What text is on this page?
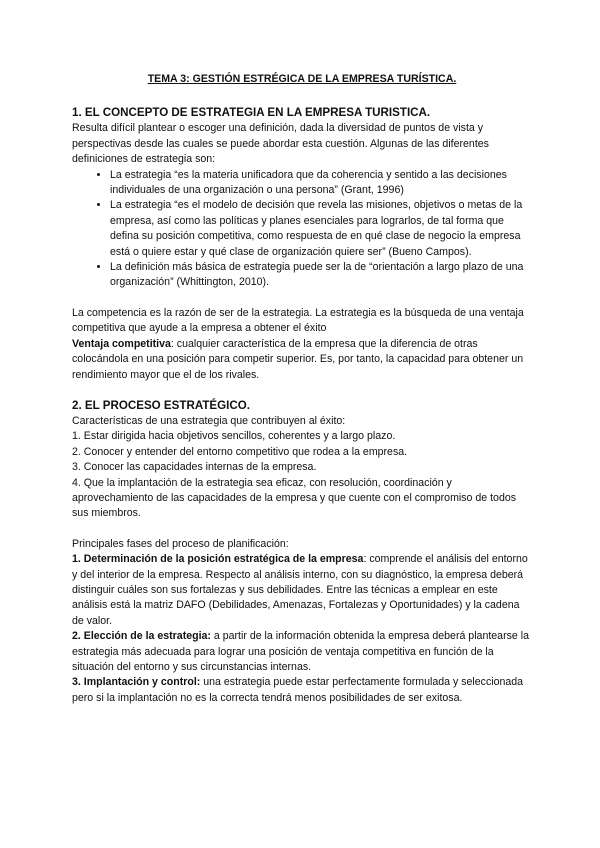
TEMA 3: GESTIÓN ESTRÉGICA DE LA EMPRESA TURÍSTICA.
1. EL CONCEPTO DE ESTRATEGIA EN LA EMPRESA TURISTICA.

Resulta difícil plantear o escoger una definición, dada la diversidad de puntos de vista y perspectivas desde las cuales se puede abordar esta cuestión. Algunas de las diferentes definiciones de estrategia son:

• La estrategia “es la materia unificadora que da coherencia y sentido a las decisiones individuales de una organización o una persona” (Grant, 1996)
• La estrategia “es el modelo de decisión que revela las misiones, objetivos o metas de la empresa, así como las políticas y planes esenciales para lograrlos, de tal forma que defina su posición competitiva, como respuesta de en qué clase de negocio la empresa está o quiere estar y qué clase de organización quiere ser” (Bueno Campos).
• La definición más básica de estrategia puede ser la de “orientación a largo plazo de una organización” (Whittington, 2010).

La competencia es la razón de ser de la estrategia. La estrategia es la búsqueda de una ventaja competitiva que ayude a la empresa a obtener el éxito

Ventaja competitiva: cualquier característica de la empresa que la diferencia de otras colocándola en una posición para competir superior. Es, por tanto, la capacidad para obtener un rendimiento mayor que el de los rivales.

2. EL PROCESO ESTRATÉGICO.

Características de una estrategia que contribuyen al éxito:

1. Estar dirigida hacia objetivos sencillos, coherentes y a largo plazo.

2. Conocer y entender del entorno competitivo que rodea a la empresa.

3. Conocer las capacidades internas de la empresa.

4. Que la implantación de la estrategia sea eficaz, con resolución, coordinación y aprovechamiento de las capacidades de la empresa y que cuente con el compromiso de todos sus miembros.

Principales fases del proceso de planificación:

1. Determinación de la posición estratégica de la empresa: comprende el análisis del entorno y del interior de la empresa. Respecto al análisis interno, con su diagnóstico, la empresa deberá distinguir cuáles son sus fortalezas y sus debilidades. Entre las técnicas a emplear en este análisis está la matriz DAFO (Debilidades, Amenazas, Fortalezas y Oportunidades) y la cadena de valor.

2. Elección de la estrategia: a partir de la información obtenida la empresa deberá plantearse la estrategia más adecuada para lograr una posición de ventaja competitiva en función de la situación del entorno y sus circunstancias internas.

3. Implantación y control: una estrategia puede estar perfectamente formulada y seleccionada pero si la implantación no es la correcta tendrá menos posibilidades de ser exitosa.
